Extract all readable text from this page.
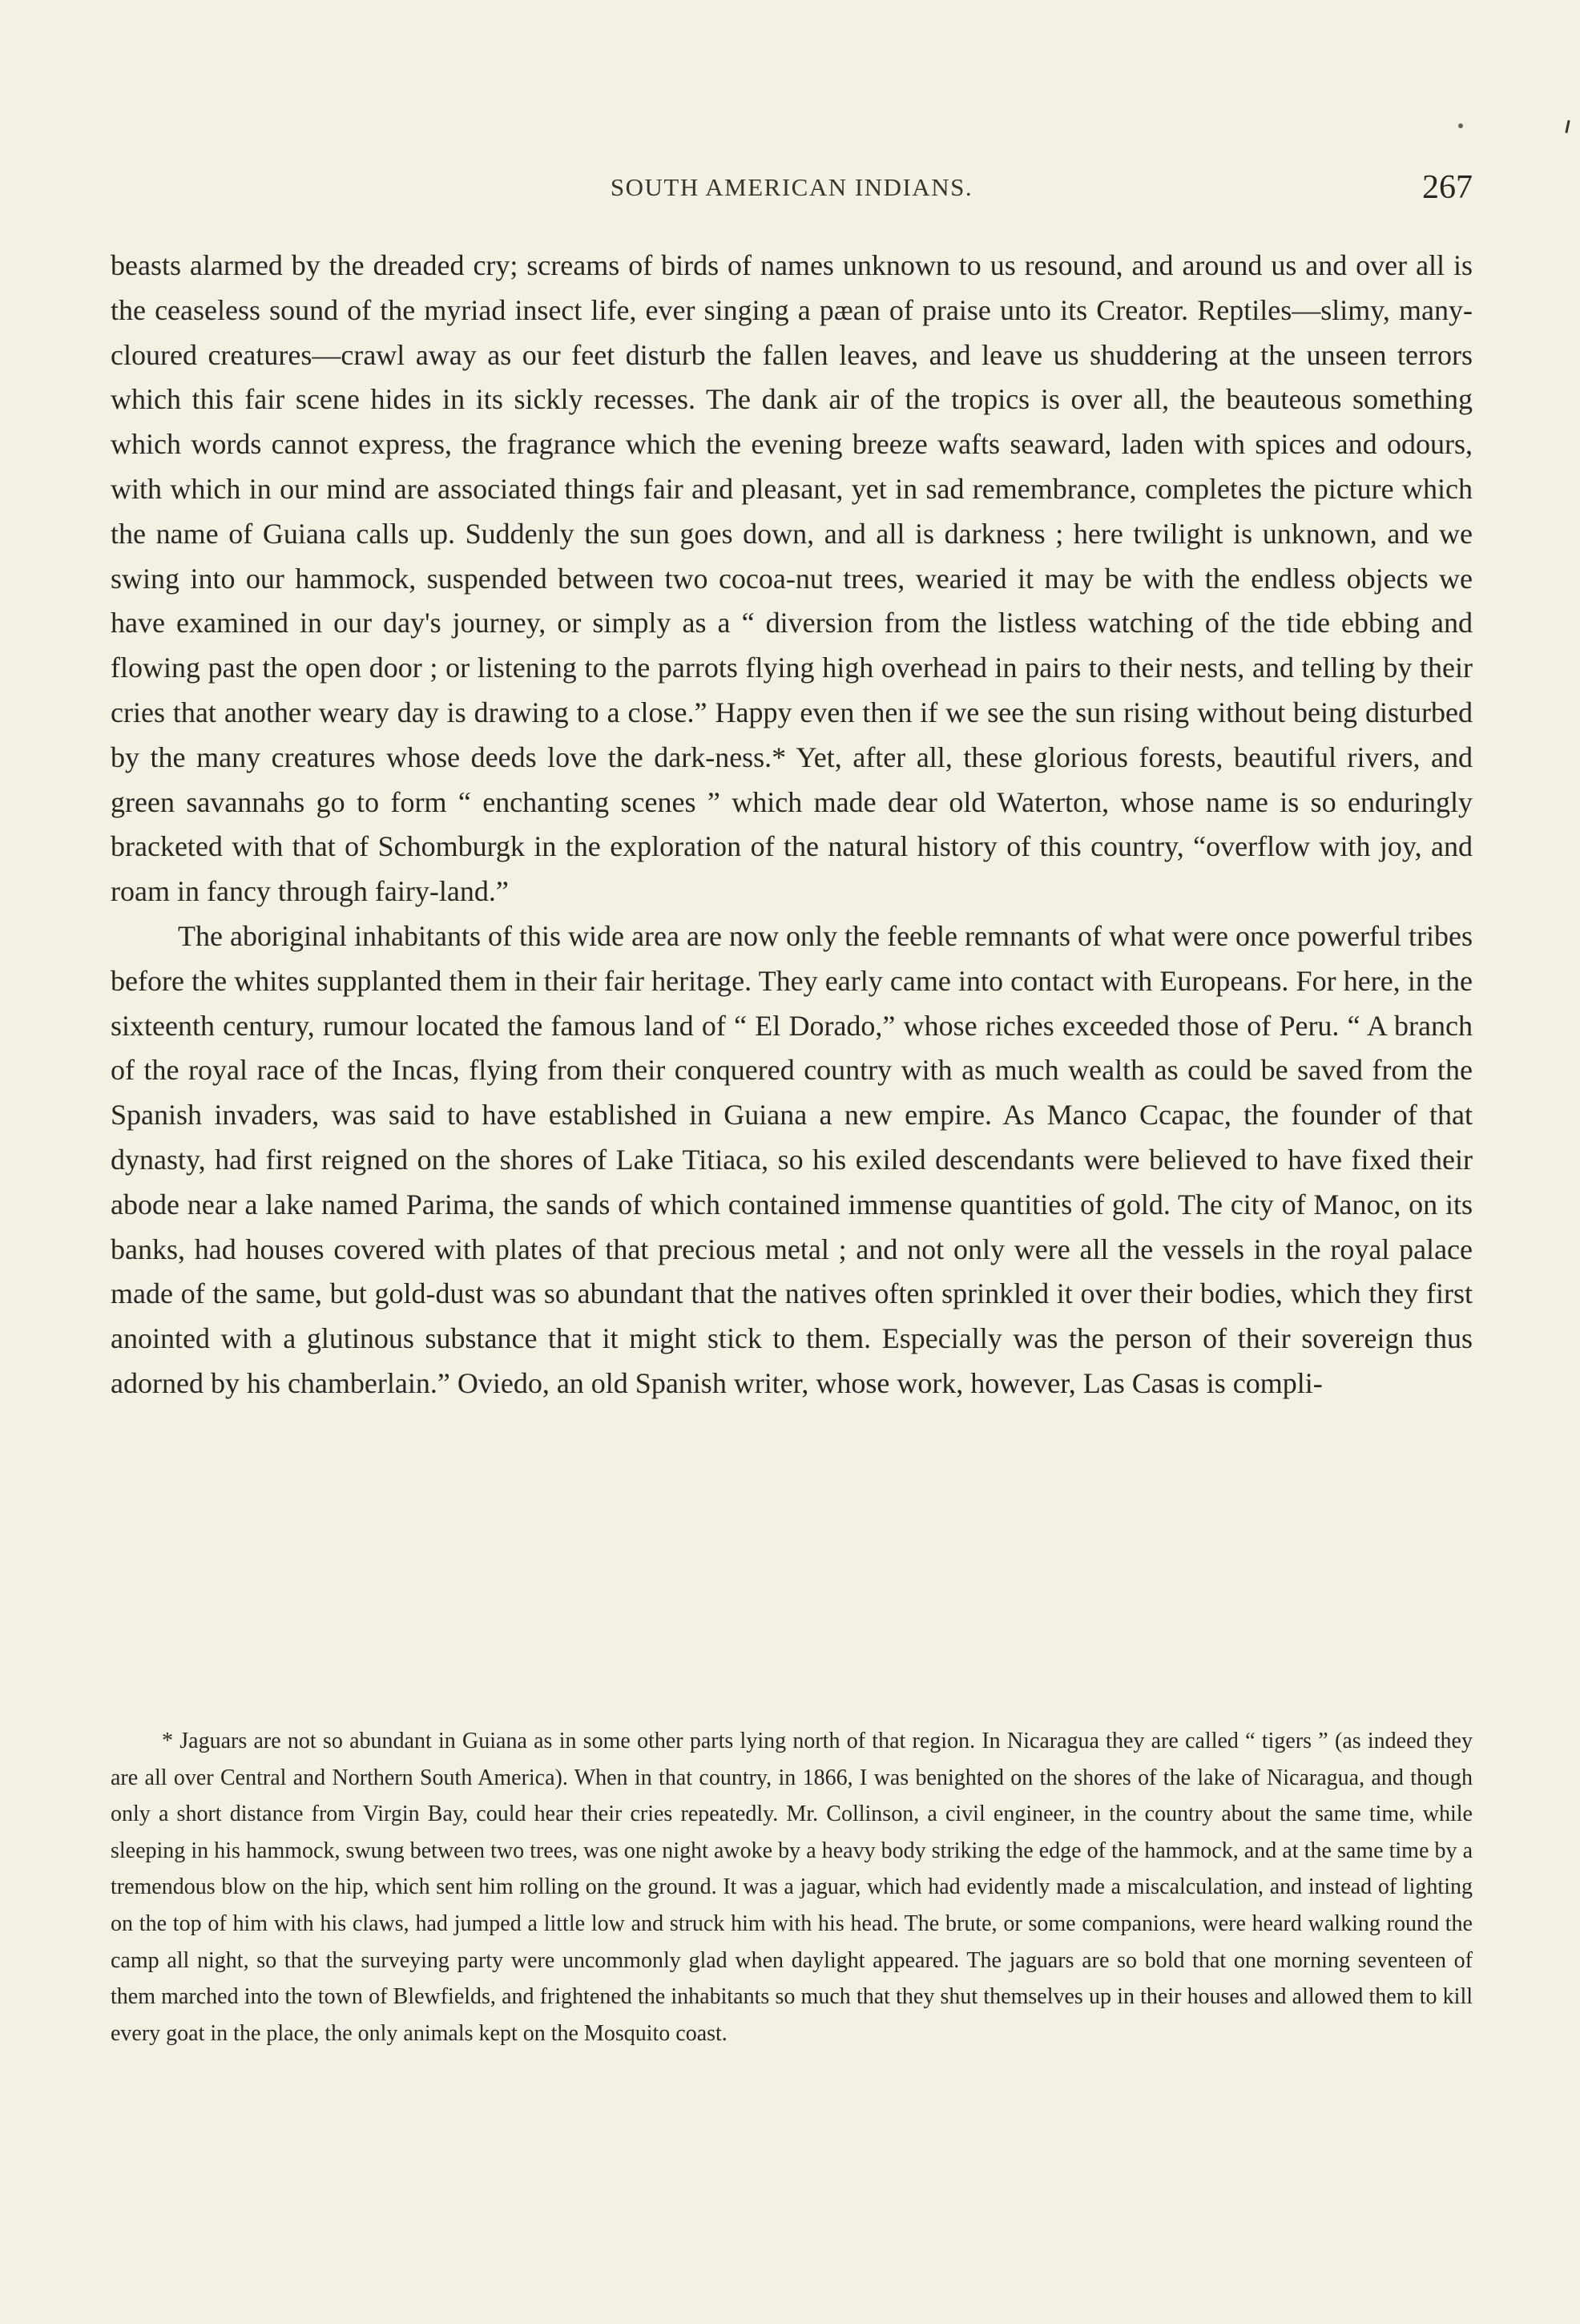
SOUTH AMERICAN INDIANS.	267

beasts alarmed by the dreaded cry; screams of birds of names unknown to us resound, and around us and over all is the ceaseless sound of the myriad insect life, ever singing a pæan of praise unto its Creator. Reptiles—slimy, many-cloured creatures—crawl away as our feet disturb the fallen leaves, and leave us shuddering at the unseen terrors which this fair scene hides in its sickly recesses. The dank air of the tropics is over all, the beauteous something which words cannot express, the fragrance which the evening breeze wafts seaward, laden with spices and odours, with which in our mind are associated things fair and pleasant, yet in sad remembrance, completes the picture which the name of Guiana calls up. Suddenly the sun goes down, and all is darkness ; here twilight is unknown, and we swing into our hammock, suspended between two cocoa-nut trees, wearied it may be with the endless objects we have examined in our day's journey, or simply as a “ diversion from the listless watching of the tide ebbing and flowing past the open door ; or listening to the parrots flying high overhead in pairs to their nests, and telling by their cries that another weary day is drawing to a close.” Happy even then if we see the sun rising without being disturbed by the many creatures whose deeds love the dark-ness.* Yet, after all, these glorious forests, beautiful rivers, and green savannahs go to form “ enchanting scenes ” which made dear old Waterton, whose name is so enduringly bracketed with that of Schomburgk in the exploration of the natural history of this country, “overflow with joy, and roam in fancy through fairy-land.”

The aboriginal inhabitants of this wide area are now only the feeble remnants of what were once powerful tribes before the whites supplanted them in their fair heritage. They early came into contact with Europeans. For here, in the sixteenth century, rumour located the famous land of “ El Dorado,” whose riches exceeded those of Peru. “ A branch of the royal race of the Incas, flying from their conquered country with as much wealth as could be saved from the Spanish invaders, was said to have established in Guiana a new empire. As Manco Ccapac, the founder of that dynasty, had first reigned on the shores of Lake Titiaca, so his exiled descendants were believed to have fixed their abode near a lake named Parima, the sands of which contained immense quantities of gold. The city of Manoc, on its banks, had houses covered with plates of that precious metal ; and not only were all the vessels in the royal palace made of the same, but gold-dust was so abundant that the natives often sprinkled it over their bodies, which they first anointed with a glutinous substance that it might stick to them. Especially was the person of their sovereign thus adorned by his chamberlain.” Oviedo, an old Spanish writer, whose work, however, Las Casas is compli-

* Jaguars are not so abundant in Guiana as in some other parts lying north of that region. In Nicaragua they are called “ tigers ” (as indeed they are all over Central and Northern South America). When in that country, in 1866, I was benighted on the shores of the lake of Nicaragua, and though only a short distance from Virgin Bay, could hear their cries repeatedly. Mr. Collinson, a civil engineer, in the country about the same time, while sleeping in his hammock, swung between two trees, was one night awoke by a heavy body striking the edge of the hammock, and at the same time by a tremendous blow on the hip, which sent him rolling on the ground. It was a jaguar, which had evidently made a miscalculation, and instead of lighting on the top of him with his claws, had jumped a little low and struck him with his head. The brute, or some companions, were heard walking round the camp all night, so that the surveying party were uncommonly glad when daylight appeared. The jaguars are so bold that one morning seventeen of them marched into the town of Blewfields, and frightened the inhabitants so much that they shut themselves up in their houses and allowed them to kill every goat in the place, the only animals kept on the Mosquito coast.
